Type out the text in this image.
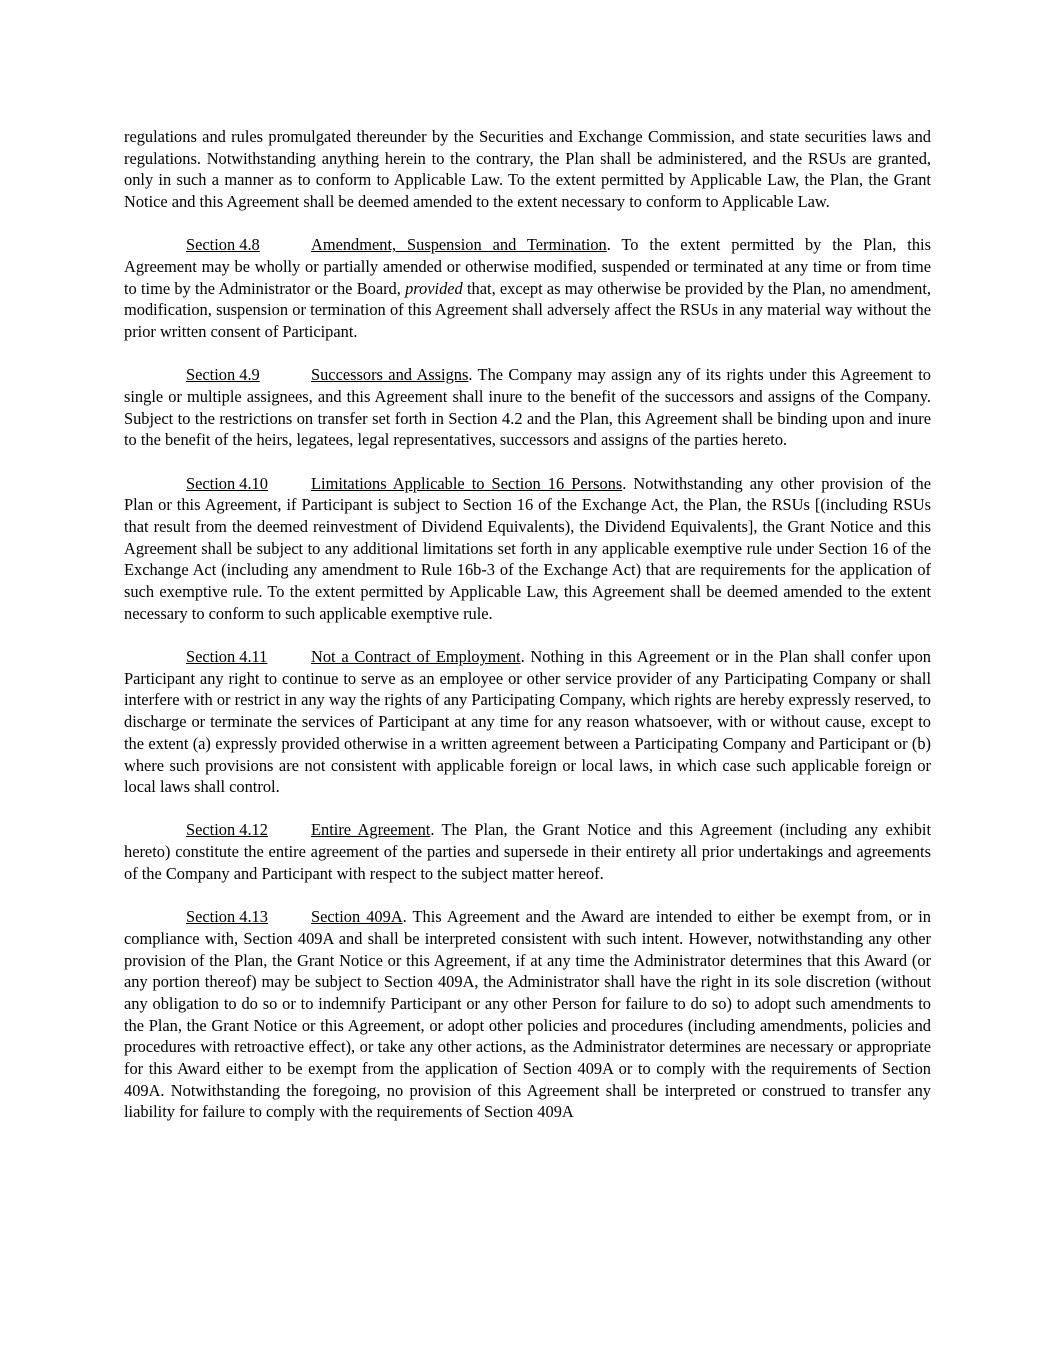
regulations and rules promulgated thereunder by the Securities and Exchange Commission, and state securities laws and regulations. Notwithstanding anything herein to the contrary, the Plan shall be administered, and the RSUs are granted, only in such a manner as to conform to Applicable Law. To the extent permitted by Applicable Law, the Plan, the Grant Notice and this Agreement shall be deemed amended to the extent necessary to conform to Applicable Law.

Section 4.8	Amendment, Suspension and Termination. To the extent permitted by the Plan, this Agreement may be wholly or partially amended or otherwise modified, suspended or terminated at any time or from time to time by the Administrator or the Board, provided that, except as may otherwise be provided by the Plan, no amendment, modification, suspension or termination of this Agreement shall adversely affect the RSUs in any material way without the prior written consent of Participant.

Section 4.9	Successors and Assigns. The Company may assign any of its rights under this Agreement to single or multiple assignees, and this Agreement shall inure to the benefit of the successors and assigns of the Company. Subject to the restrictions on transfer set forth in Section 4.2 and the Plan, this Agreement shall be binding upon and inure to the benefit of the heirs, legatees, legal representatives, successors and assigns of the parties hereto.

Section 4.10	Limitations Applicable to Section 16 Persons. Notwithstanding any other provision of the Plan or this Agreement, if Participant is subject to Section 16 of the Exchange Act, the Plan, the RSUs [(including RSUs that result from the deemed reinvestment of Dividend Equivalents), the Dividend Equivalents], the Grant Notice and this Agreement shall be subject to any additional limitations set forth in any applicable exemptive rule under Section 16 of the Exchange Act (including any amendment to Rule 16b-3 of the Exchange Act) that are requirements for the application of such exemptive rule. To the extent permitted by Applicable Law, this Agreement shall be deemed amended to the extent necessary to conform to such applicable exemptive rule.

Section 4.11	Not a Contract of Employment. Nothing in this Agreement or in the Plan shall confer upon Participant any right to continue to serve as an employee or other service provider of any Participating Company or shall interfere with or restrict in any way the rights of any Participating Company, which rights are hereby expressly reserved, to discharge or terminate the services of Participant at any time for any reason whatsoever, with or without cause, except to the extent (a) expressly provided otherwise in a written agreement between a Participating Company and Participant or (b) where such provisions are not consistent with applicable foreign or local laws, in which case such applicable foreign or local laws shall control.

Section 4.12	Entire Agreement. The Plan, the Grant Notice and this Agreement (including any exhibit hereto) constitute the entire agreement of the parties and supersede in their entirety all prior undertakings and agreements of the Company and Participant with respect to the subject matter hereof.

Section 4.13	Section 409A. This Agreement and the Award are intended to either be exempt from, or in compliance with, Section 409A and shall be interpreted consistent with such intent. However, notwithstanding any other provision of the Plan, the Grant Notice or this Agreement, if at any time the Administrator determines that this Award (or any portion thereof) may be subject to Section 409A, the Administrator shall have the right in its sole discretion (without any obligation to do so or to indemnify Participant or any other Person for failure to do so) to adopt such amendments to the Plan, the Grant Notice or this Agreement, or adopt other policies and procedures (including amendments, policies and procedures with retroactive effect), or take any other actions, as the Administrator determines are necessary or appropriate for this Award either to be exempt from the application of Section 409A or to comply with the requirements of Section 409A. Notwithstanding the foregoing, no provision of this Agreement shall be interpreted or construed to transfer any liability for failure to comply with the requirements of Section 409A
